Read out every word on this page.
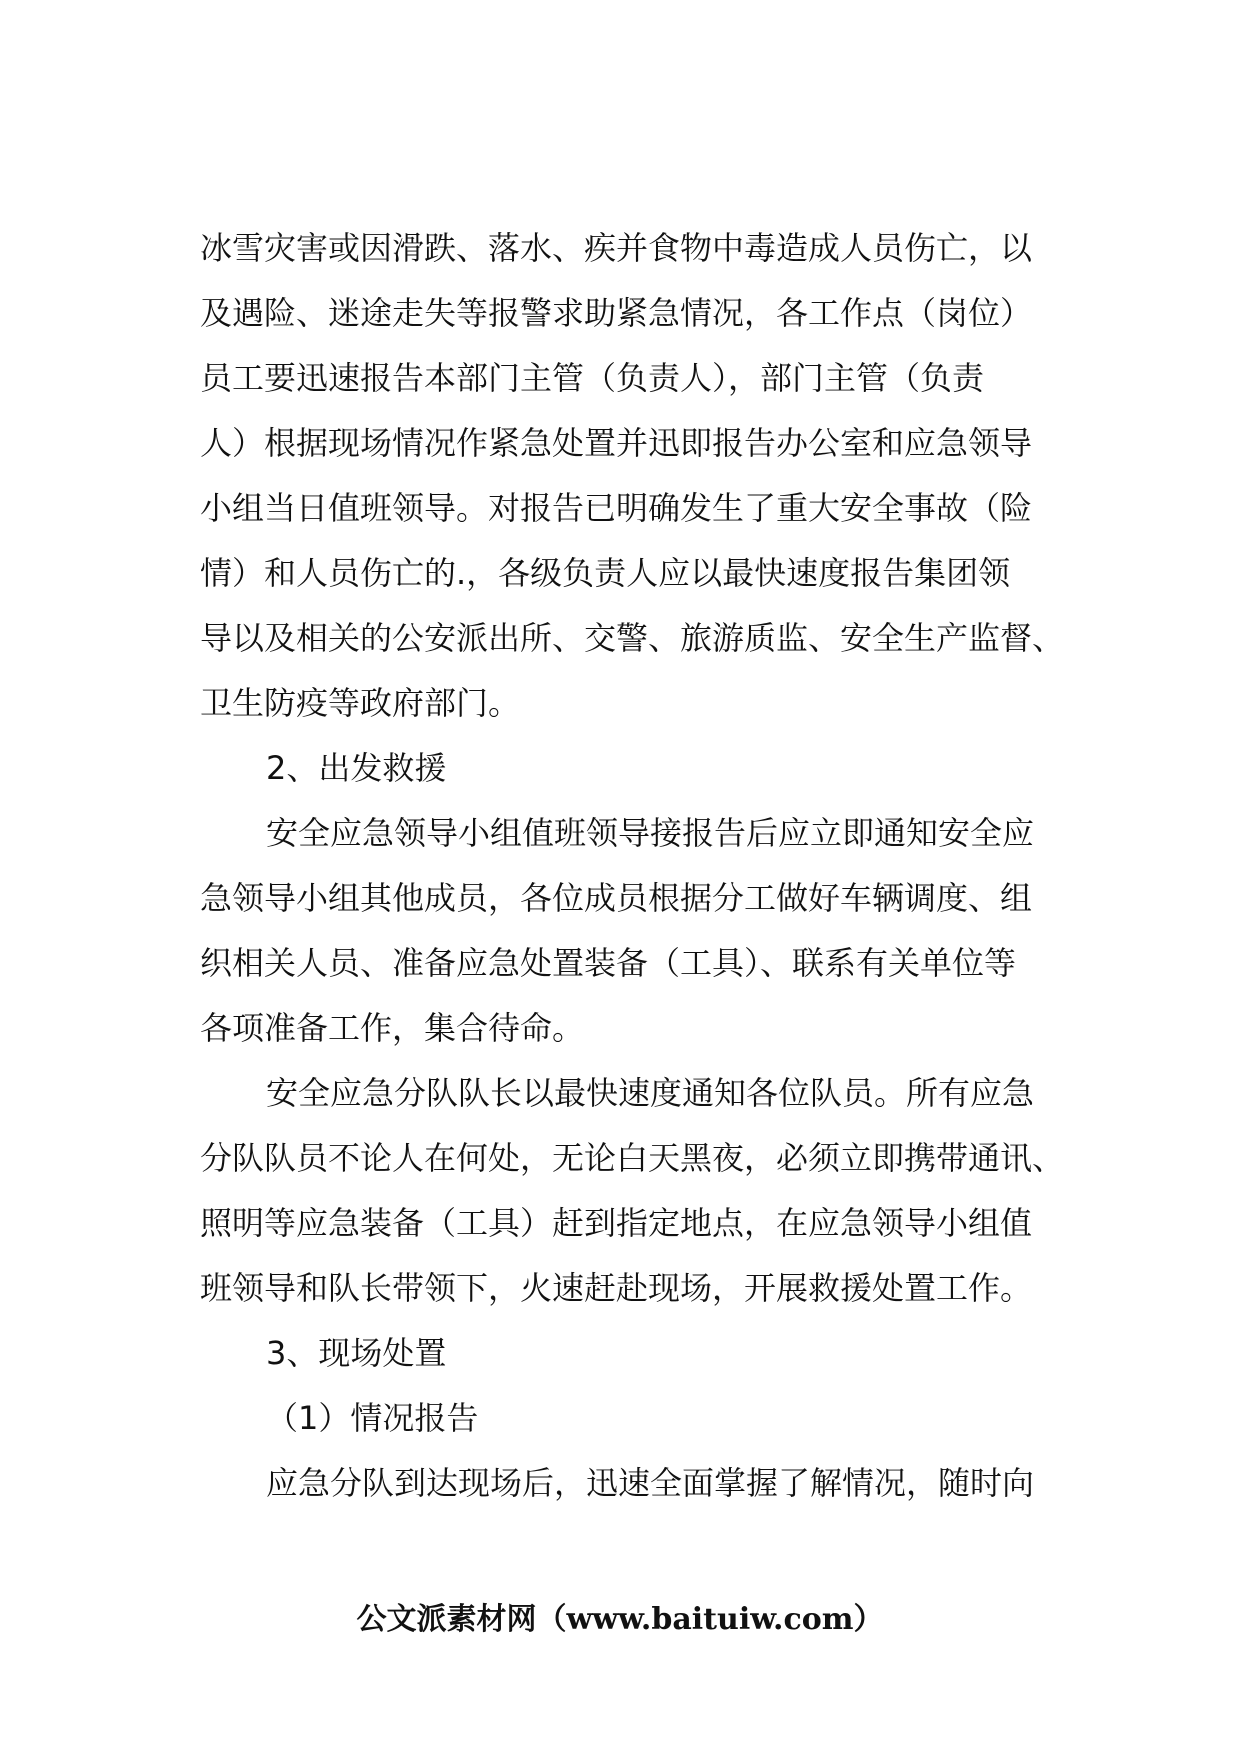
冰雪灾害或因滑跌、落水、疾并食物中毒造成人员伤亡，以
及遇险、迷途走失等报警求助紧急情况，各工作点（岗位）
员工要迅速报告本部门主管（负责人），部门主管（负责
人）根据现场情况作紧急处置并迅即报告办公室和应急领导
小组当日值班领导。对报告已明确发生了重大安全事故（险
情）和人员伤亡的.，各级负责人应以最快速度报告集团领
导以及相关的公安派出所、交警、旅游质监、安全生产监督、
卫生防疫等政府部门。
2、出发救援
安全应急领导小组值班领导接报告后应立即通知安全应
急领导小组其他成员，各位成员根据分工做好车辆调度、组
织相关人员、准备应急处置装备（工具）、联系有关单位等
各项准备工作，集合待命。
安全应急分队队长以最快速度通知各位队员。所有应急
分队队员不论人在何处，无论白天黑夜，必须立即携带通讯、
照明等应急装备（工具）赶到指定地点，在应急领导小组值
班领导和队长带领下，火速赶赴现场，开展救援处置工作。
3、现场处置
（1）情况报告
应急分队到达现场后，迅速全面掌握了解情况，随时向
公文派素材网（www.baituiw.com）
